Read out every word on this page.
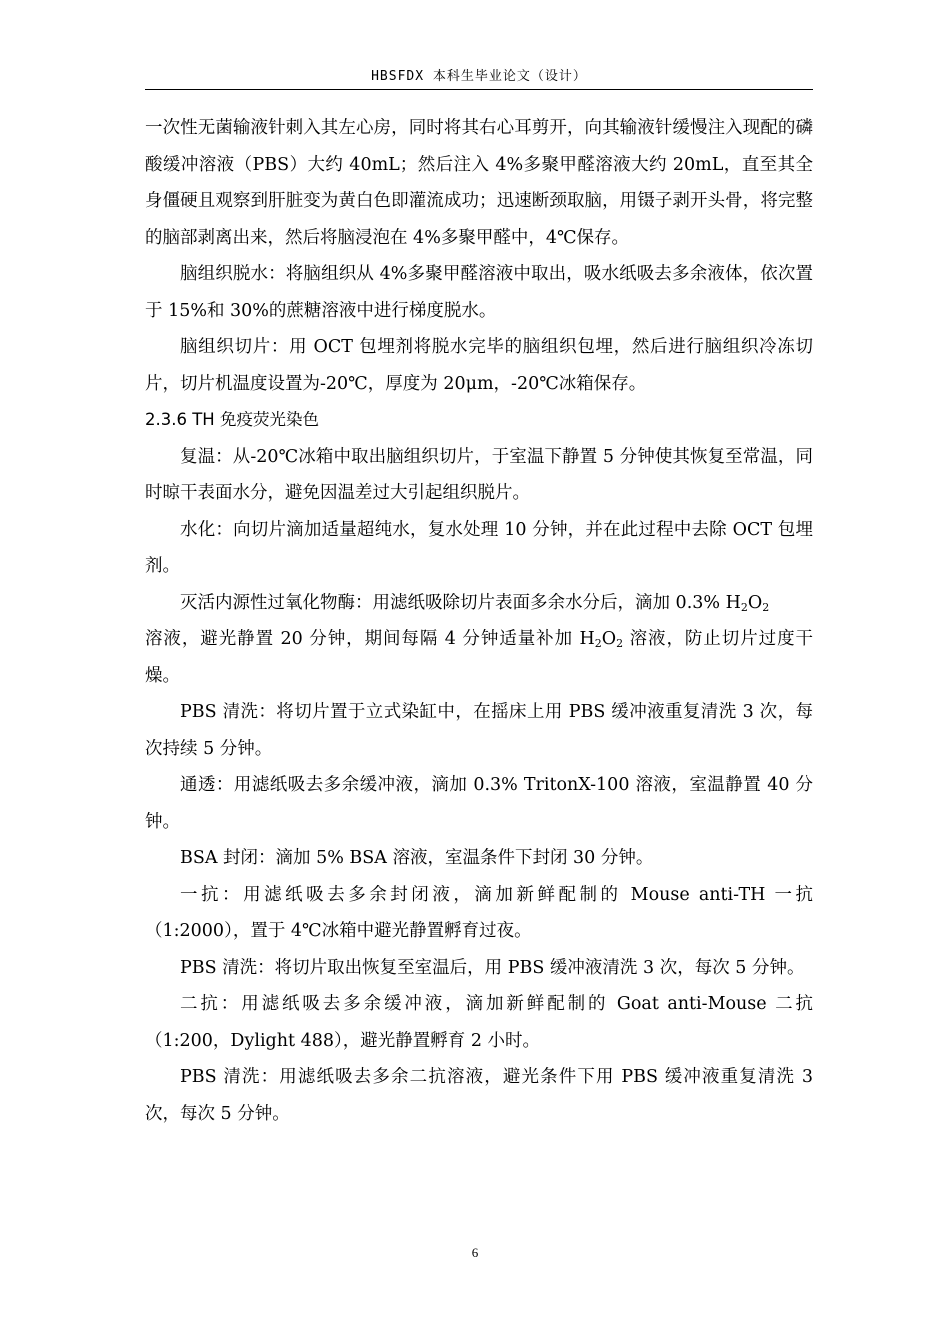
HBSFDX 本科生毕业论文（设计）

一次性无菌输液针刺入其左心房，同时将其右心耳剪开，向其输液针缓慢注入现配的磷酸缓冲溶液（PBS）大约 40mL；然后注入 4%多聚甲醛溶液大约 20mL，直至其全身僵硬且观察到肝脏变为黄白色即灌流成功；迅速断颈取脑，用镊子剥开头骨，将完整的脑部剥离出来，然后将脑浸泡在 4%多聚甲醛中，4℃保存。

脑组织脱水：将脑组织从 4%多聚甲醛溶液中取出，吸水纸吸去多余液体，依次置于 15%和 30%的蔗糖溶液中进行梯度脱水。

脑组织切片：用 OCT 包埋剂将脱水完毕的脑组织包埋，然后进行脑组织冷冻切片，切片机温度设置为-20℃，厚度为 20μm，-20℃冰箱保存。

2.3.6 TH 免疫荧光染色

复温：从-20℃冰箱中取出脑组织切片，于室温下静置 5 分钟使其恢复至常温，同时晾干表面水分，避免因温差过大引起组织脱片。

水化：向切片滴加适量超纯水，复水处理 10 分钟，并在此过程中去除 OCT 包埋剂。

灭活内源性过氧化物酶：用滤纸吸除切片表面多余水分后，滴加 0.3% $H_2O_2$
溶液，避光静置 20 分钟，期间每隔 4 分钟适量补加 $H_2O_2$ 溶液，防止切片过度干燥。

PBS 清洗：将切片置于立式染缸中，在摇床上用 PBS 缓冲液重复清洗 3 次，每次持续 5 分钟。

通透：用滤纸吸去多余缓冲液，滴加 0.3% TritonX-100 溶液，室温静置 40 分钟。

BSA 封闭：滴加 5% BSA 溶液，室温条件下封闭 30 分钟。

一抗：用滤纸吸去多余封闭液，滴加新鲜配制的 Mouse anti-TH 一抗（1:2000），置于 4℃冰箱中避光静置孵育过夜。

PBS 清洗：将切片取出恢复至室温后，用 PBS 缓冲液清洗 3 次，每次 5 分钟。

二抗：用滤纸吸去多余缓冲液，滴加新鲜配制的 Goat anti-Mouse 二抗（1:200，Dylight 488），避光静置孵育 2 小时。

PBS 清洗：用滤纸吸去多余二抗溶液，避光条件下用 PBS 缓冲液重复清洗 3 次，每次 5 分钟。

6
